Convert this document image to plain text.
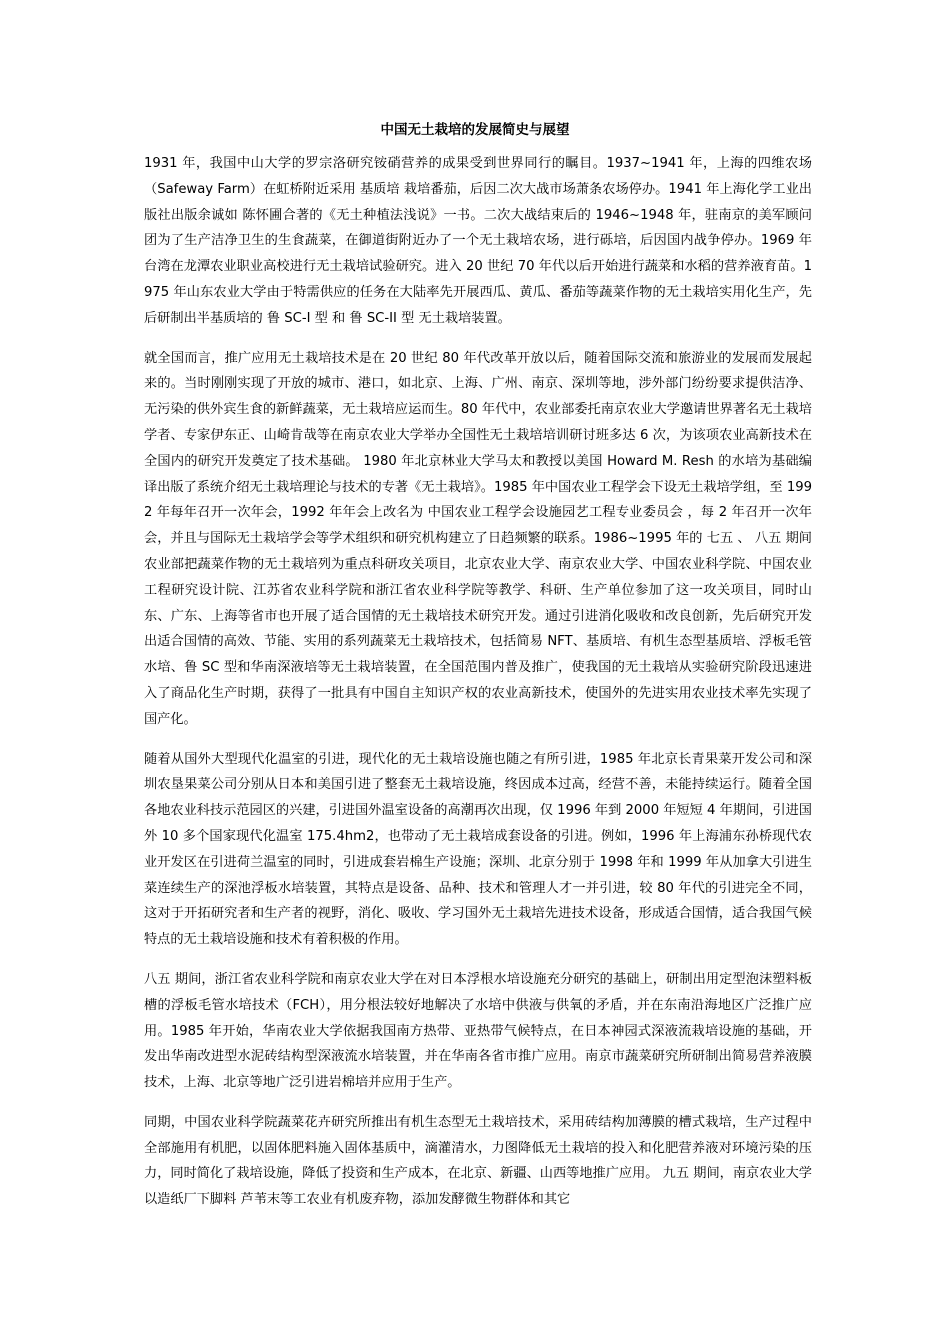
中国无土栽培的发展简史与展望

1931 年，我国中山大学的罗宗洛研究铵硝营养的成果受到世界同行的瞩目。1937~1941 年，上海的四维农场（Safeway Farm）在虹桥附近采用 基质培 栽培番茄，后因二次大战市场萧条农场停办。1941 年上海化学工业出版社出版余诚如 陈怀圃合著的《无土种植法浅说》一书。二次大战结束后的 1946~1948 年，驻南京的美军顾问团为了生产洁净卫生的生食蔬菜，在御道街附近办了一个无土栽培农场，进行砾培，后因国内战争停办。1969 年台湾在龙潭农业职业高校进行无土栽培试验研究。进入 20 世纪 70 年代以后开始进行蔬菜和水稻的营养液育苗。1975 年山东农业大学由于特需供应的任务在大陆率先开展西瓜、黄瓜、番茄等蔬菜作物的无土栽培实用化生产，先后研制出半基质培的 鲁 SC-I 型 和 鲁 SC-II 型 无土栽培装置。

就全国而言，推广应用无土栽培技术是在 20 世纪 80 年代改革开放以后，随着国际交流和旅游业的发展而发展起来的。当时刚刚实现了开放的城市、港口，如北京、上海、广州、南京、深圳等地，涉外部门纷纷要求提供洁净、无污染的供外宾生食的新鲜蔬菜，无土栽培应运而生。80 年代中，农业部委托南京农业大学邀请世界著名无土栽培学者、专家伊东正、山崎肯哉等在南京农业大学举办全国性无土栽培培训研讨班多达 6 次，为该项农业高新技术在全国内的研究开发奠定了技术基础。 1980 年北京林业大学马太和教授以美国 Howard M. Resh 的水培为基础编译出版了系统介绍无土栽培理论与技术的专著《无土栽培》。1985 年中国农业工程学会下设无土栽培学组，至 1992 年每年召开一次年会，1992 年年会上改名为 中国农业工程学会设施园艺工程专业委员会 ，每 2 年召开一次年会，并且与国际无土栽培学会等学术组织和研究机构建立了日趋频繁的联系。1986~1995 年的 七五 、 八五 期间农业部把蔬菜作物的无土栽培列为重点科研攻关项目，北京农业大学、南京农业大学、中国农业科学院、中国农业工程研究设计院、江苏省农业科学院和浙江省农业科学院等教学、科研、生产单位参加了这一攻关项目，同时山东、广东、上海等省市也开展了适合国情的无土栽培技术研究开发。通过引进消化吸收和改良创新，先后研究开发出适合国情的高效、节能、实用的系列蔬菜无土栽培技术，包括简易 NFT、基质培、有机生态型基质培、浮板毛管水培、鲁 SC 型和华南深液培等无土栽培装置，在全国范围内普及推广，使我国的无土栽培从实验研究阶段迅速进入了商品化生产时期，获得了一批具有中国自主知识产权的农业高新技术，使国外的先进实用农业技术率先实现了国产化。

随着从国外大型现代化温室的引进，现代化的无土栽培设施也随之有所引进，1985 年北京长青果菜开发公司和深圳农垦果菜公司分别从日本和美国引进了整套无土栽培设施，终因成本过高，经营不善，未能持续运行。随着全国各地农业科技示范园区的兴建，引进国外温室设备的高潮再次出现，仅 1996 年到 2000 年短短 4 年期间，引进国外 10 多个国家现代化温室 175.4hm2，也带动了无土栽培成套设备的引进。例如，1996 年上海浦东孙桥现代农业开发区在引进荷兰温室的同时，引进成套岩棉生产设施；深圳、北京分别于 1998 年和 1999 年从加拿大引进生菜连续生产的深池浮板水培装置，其特点是设备、品种、技术和管理人才一并引进，较 80 年代的引进完全不同，这对于开拓研究者和生产者的视野，消化、吸收、学习国外无土栽培先进技术设备，形成适合国情，适合我国气候特点的无土栽培设施和技术有着积极的作用。

八五 期间，浙江省农业科学院和南京农业大学在对日本浮根水培设施充分研究的基础上，研制出用定型泡沫塑料板槽的浮板毛管水培技术（FCH），用分根法较好地解决了水培中供液与供氧的矛盾，并在东南沿海地区广泛推广应用。1985 年开始，华南农业大学依据我国南方热带、亚热带气候特点，在日本神园式深液流栽培设施的基础，开发出华南改进型水泥砖结构型深液流水培装置，并在华南各省市推广应用。南京市蔬菜研究所研制出简易营养液膜技术，上海、北京等地广泛引进岩棉培并应用于生产。

同期，中国农业科学院蔬菜花卉研究所推出有机生态型无土栽培技术，采用砖结构加薄膜的槽式栽培，生产过程中全部施用有机肥，以固体肥料施入固体基质中，滴灌清水，力图降低无土栽培的投入和化肥营养液对环境污染的压力，同时简化了栽培设施，降低了投资和生产成本，在北京、新疆、山西等地推广应用。 九五 期间，南京农业大学以造纸厂下脚料 芦苇末等工农业有机废弃物，添加发酵微生物群体和其它
